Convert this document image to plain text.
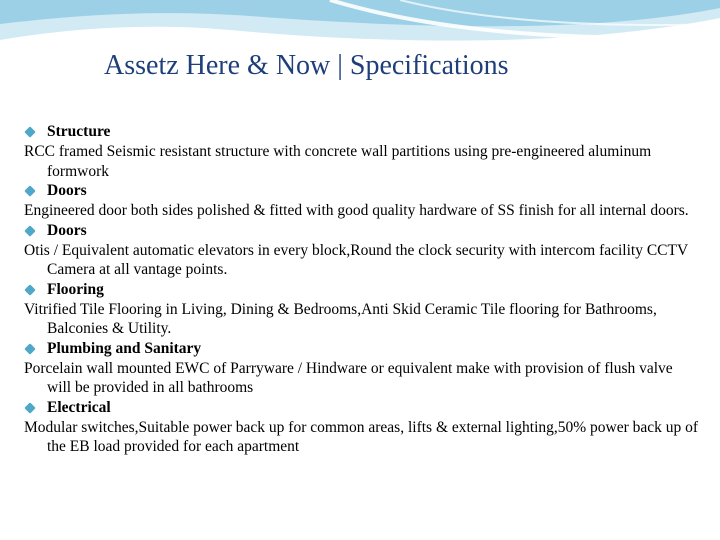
Assetz Here & Now | Specifications
Structure
RCC framed Seismic resistant structure with concrete wall partitions using pre-engineered aluminum formwork
Doors
Engineered door both sides polished & fitted with good quality hardware of SS finish for all internal doors.
Doors
Otis / Equivalent automatic elevators in every block,Round the clock security with intercom facility CCTV Camera at all vantage points.
Flooring
Vitrified Tile Flooring in Living, Dining & Bedrooms,Anti Skid Ceramic Tile flooring for Bathrooms, Balconies & Utility.
Plumbing and Sanitary
Porcelain wall mounted EWC of Parryware / Hindware or equivalent make with provision of flush valve will be provided in all bathrooms
Electrical
Modular switches,Suitable power back up for common areas, lifts & external lighting,50% power back up of the EB load provided for each apartment
